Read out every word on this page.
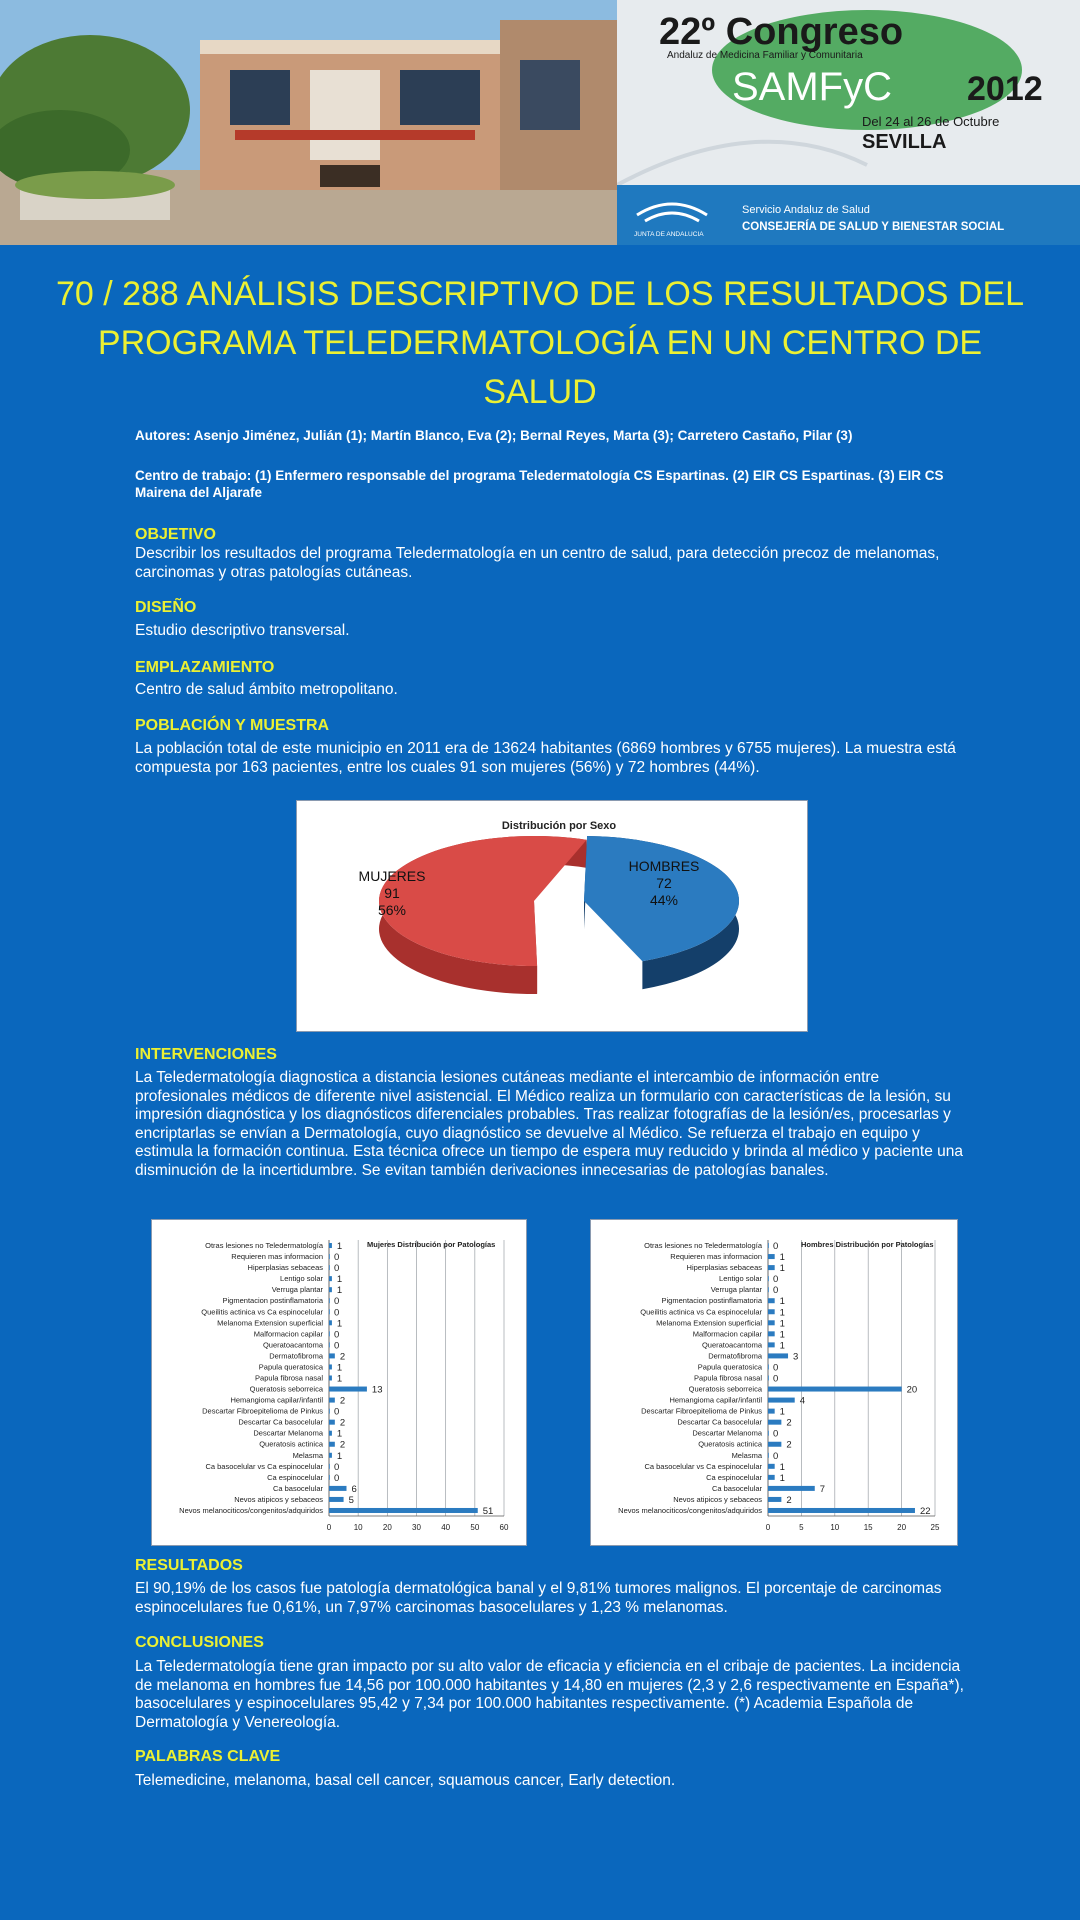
22º Congreso
Andaluz de Medicina Familiar y Comunitaria
SAMFyC 2012
Del 24 al 26 de Octubre
SEVILLA
JUNTA DE ANDALUCIA
Servicio Andaluz de Salud
CONSEJERÍA DE SALUD Y BIENESTAR SOCIAL
70 / 288 ANÁLISIS DESCRIPTIVO DE LOS RESULTADOS DEL PROGRAMA TELEDERMATOLOGÍA EN UN CENTRO DE SALUD
Autores: Asenjo Jiménez, Julián (1); Martín Blanco, Eva (2); Bernal Reyes, Marta (3); Carretero Castaño, Pilar (3)
Centro de trabajo: (1) Enfermero responsable del programa Teledermatología CS Espartinas. (2) EIR CS Espartinas. (3) EIR CS Mairena del Aljarafe
OBJETIVO
Describir los resultados del programa Teledermatología en un centro de salud, para detección precoz de melanomas, carcinomas y otras patologías cutáneas.
DISEÑO
Estudio descriptivo transversal.
EMPLAZAMIENTO
Centro de salud ámbito metropolitano.
POBLACIÓN Y MUESTRA
La población total de este municipio en 2011 era de 13624 habitantes (6869 hombres y 6755 mujeres). La muestra está compuesta por 163 pacientes, entre los cuales 91 son mujeres (56%) y 72 hombres (44%).
Distribución por Sexo
MUJERES
91
56%
HOMBRES
72
44%
INTERVENCIONES
La Teledermatología diagnostica a distancia lesiones cutáneas mediante el intercambio de información entre profesionales médicos de diferente nivel asistencial. El Médico realiza un formulario con características de la lesión, su impresión diagnóstica y los diagnósticos diferenciales probables. Tras realizar fotografías de la lesión/es, procesarlas y encriptarlas se envían a Dermatología, cuyo diagnóstico se devuelve al Médico. Se refuerza el trabajo en equipo y estimula la formación continua. Esta técnica ofrece un tiempo de espera muy reducido y brinda al médico y paciente una disminución de la incertidumbre. Se evitan también derivaciones innecesarias de patologías banales.
0	10	20	30	40	50	60
Mujeres Distribución por Patologías
Otras lesiones no Teledermatología 1
Requieren mas informacion 0
Hiperplasias sebaceas 0
Lentigo solar 1
Verruga plantar 1
Pigmentacion postinflamatoria 0
Queilitis actinica vs Ca espinocelular 0
Melanoma Extension superficial 1
Malformacion capilar 0
Queratoacantoma 0
Dermatofibroma 2
Papula queratosica 1
Papula fibrosa nasal 1
Queratosis seborreica	13
Hemangioma capilar/infantil 2
Descartar Fibroepitelioma de Pinkus 0
Descartar Ca basocelular 2
Descartar Melanoma 1
Queratosis actinica 2
Melasma 1
Ca basocelular vs Ca espinocelular 0
Ca espinocelular 0
Ca basocelular	6
Nevos atipicos y sebaceos	5
Nevos melanociticos/congenitos/adquiridos	51
0	5	10	15	20	25
Hombres Distribución por Patologías
Otras lesiones no Teledermatología 0
Requieren mas informacion 1
Hiperplasias sebaceas 1
Lentigo solar 0
Verruga plantar 0
Pigmentacion postinflamatoria 1
Queilitis actinica vs Ca espinocelular 1
Melanoma Extension superficial 1
Malformacion capilar 1
Queratoacantoma 1
Dermatofibroma	3
Papula queratosica 0
Papula fibrosa nasal 0
Queratosis seborreica	20
Hemangioma capilar/infantil	4
Descartar Fibroepitelioma de Pinkus 1
Descartar Ca basocelular	2
Descartar Melanoma 0
Queratosis actinica	2
Melasma 0
Ca basocelular vs Ca espinocelular 1
Ca espinocelular 1
Ca basocelular	7
Nevos atipicos y sebaceos	2
Nevos melanociticos/congenitos/adquiridos	22
RESULTADOS
El 90,19% de los casos fue patología dermatológica banal y el 9,81% tumores malignos. El porcentaje de carcinomas espinocelulares fue 0,61%, un 7,97% carcinomas basocelulares y 1,23 % melanomas.
CONCLUSIONES
La Teledermatología tiene gran impacto por su alto valor de eficacia y eficiencia en el cribaje de pacientes. La incidencia de melanoma en hombres fue 14,56 por 100.000 habitantes y 14,80 en mujeres (2,3 y 2,6 respectivamente en España*), basocelulares y espinocelulares 95,42 y 7,34 por 100.000 habitantes respectivamente. (*) Academia Española de Dermatología y Venereología.
PALABRAS CLAVE
Telemedicine, melanoma, basal cell cancer, squamous cancer, Early detection.
